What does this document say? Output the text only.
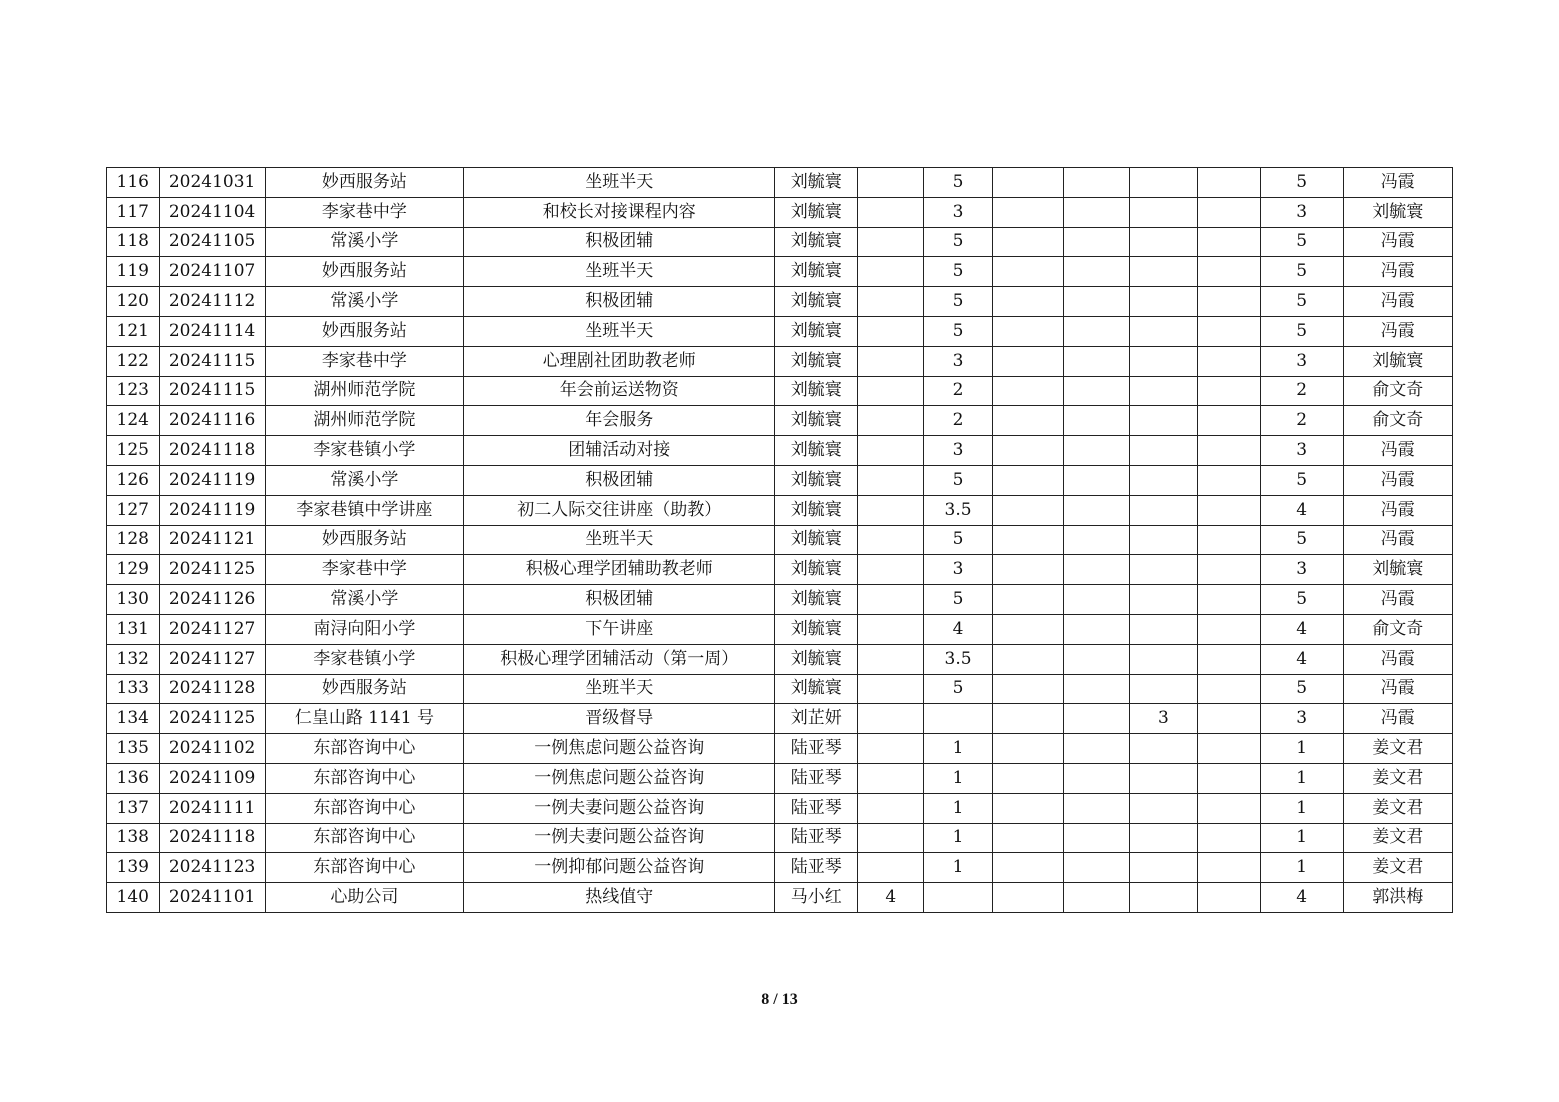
116	20241031	妙西服务站	坐班半天	刘毓寰		5					5	冯霞
117	20241104	李家巷中学	和校长对接课程内容	刘毓寰		3					3	刘毓寰
118	20241105	常溪小学	积极团辅	刘毓寰		5					5	冯霞
119	20241107	妙西服务站	坐班半天	刘毓寰		5					5	冯霞
120	20241112	常溪小学	积极团辅	刘毓寰		5					5	冯霞
121	20241114	妙西服务站	坐班半天	刘毓寰		5					5	冯霞
122	20241115	李家巷中学	心理剧社团助教老师	刘毓寰		3					3	刘毓寰
123	20241115	湖州师范学院	年会前运送物资	刘毓寰		2					2	俞文奇
124	20241116	湖州师范学院	年会服务	刘毓寰		2					2	俞文奇
125	20241118	李家巷镇小学	团辅活动对接	刘毓寰		3					3	冯霞
126	20241119	常溪小学	积极团辅	刘毓寰		5					5	冯霞
127	20241119	李家巷镇中学讲座	初二人际交往讲座（助教）	刘毓寰		3.5					4	冯霞
128	20241121	妙西服务站	坐班半天	刘毓寰		5					5	冯霞
129	20241125	李家巷中学	积极心理学团辅助教老师	刘毓寰		3					3	刘毓寰
130	20241126	常溪小学	积极团辅	刘毓寰		5					5	冯霞
131	20241127	南浔向阳小学	下午讲座	刘毓寰		4					4	俞文奇
132	20241127	李家巷镇小学	积极心理学团辅活动（第一周）	刘毓寰		3.5					4	冯霞
133	20241128	妙西服务站	坐班半天	刘毓寰		5					5	冯霞
134	20241125	仁皇山路 1141 号	晋级督导	刘芷妍					3		3	冯霞
135	20241102	东部咨询中心	一例焦虑问题公益咨询	陆亚琴		1					1	姜文君
136	20241109	东部咨询中心	一例焦虑问题公益咨询	陆亚琴		1					1	姜文君
137	20241111	东部咨询中心	一例夫妻问题公益咨询	陆亚琴		1					1	姜文君
138	20241118	东部咨询中心	一例夫妻问题公益咨询	陆亚琴		1					1	姜文君
139	20241123	东部咨询中心	一例抑郁问题公益咨询	陆亚琴		1					1	姜文君
140	20241101	心助公司	热线值守	马小红	4						4	郭洪梅
8 / 13
